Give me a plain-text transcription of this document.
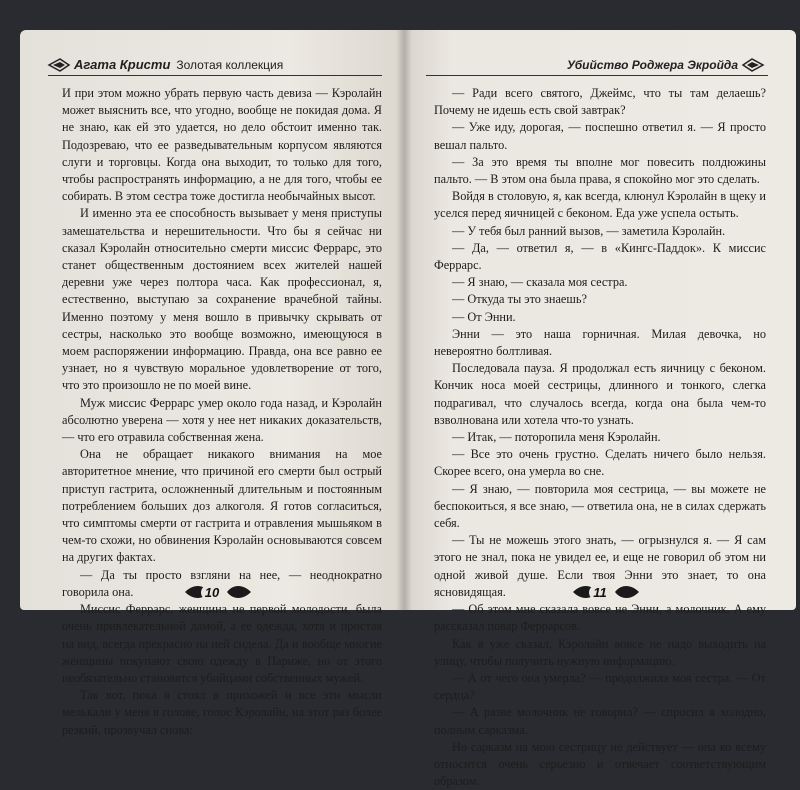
Агата Кристи Золотая коллекция

И при этом можно убрать первую часть девиза — Кэролайн может выяснить все, что угодно, вообще не покидая дома. Я не знаю, как ей это удается, но дело обстоит именно так. Подозреваю, что ее разведывательным корпусом являются слуги и торговцы. Когда она выходит, то только для того, чтобы распространять информацию, а не для того, чтобы ее собирать. В этом сестра тоже достигла необычайных высот.

И именно эта ее способность вызывает у меня приступы замешательства и нерешительности. Что бы я сейчас ни сказал Кэролайн относительно смерти миссис Феррарс, это станет общественным достоянием всех жителей нашей деревни уже через полтора часа. Как профессионал, я, естественно, выступаю за сохранение врачебной тайны. Именно поэтому у меня вошло в привычку скрывать от сестры, насколько это вообще возможно, имеющуюся в моем распоряжении информацию. Правда, она все равно ее узнает, но я чувствую моральное удовлетворение от того, что это произошло не по моей вине.

Муж миссис Феррарс умер около года назад, и Кэролайн абсолютно уверена — хотя у нее нет никаких доказательств, — что его отравила собственная жена.

Она не обращает никакого внимания на мое авторитетное мнение, что причиной его смерти был острый приступ гастрита, осложненный длительным и постоянным потреблением больших доз алкоголя. Я готов согласиться, что симптомы смерти от гастрита и отравления мышьяком в чем-то схожи, но обвинения Кэролайн основываются совсем на других фактах.

— Да ты просто взгляни на нее, — неоднократно говорила она.

Миссис Феррарс, женщина не первой молодости, была очень привлекательной дамой, а ее одежда, хотя и простая на вид, всегда прекрасно на ней сидела. Да и вообще многие женщины покупают свою одежду в Париже, но от этого необязательно становятся убийцами собственных мужей.

Так вот, пока я стоял в прихожей и все эти мысли мелькали у меня в голове, голос Кэролайн, на этот раз более резкий, прозвучал снова:

10
Убийство Роджера Экройда

— Ради всего святого, Джеймс, что ты там делаешь? Почему не идешь есть свой завтрак?

— Уже иду, дорогая, — поспешно ответил я. — Я просто вешал пальто.

— За это время ты вполне мог повесить полдюжины пальто. — В этом она была права, я спокойно мог это сделать.

Войдя в столовую, я, как всегда, клюнул Кэролайн в щеку и уселся перед яичницей с беконом. Еда уже успела остыть.

— У тебя был ранний вызов, — заметила Кэролайн.

— Да, — ответил я, — в «Кингс-Паддок». К миссис Феррарс.

— Я знаю, — сказала моя сестра.

— Откуда ты это знаешь?

— От Энни.

Энни — это наша горничная. Милая девочка, но невероятно болтливая.

Последовала пауза. Я продолжал есть яичницу с беконом. Кончик носа моей сестрицы, длинного и тонкого, слегка подрагивал, что случалось всегда, когда она была чем-то взволнована или хотела что-то узнать.

— Итак, — поторопила меня Кэролайн.

— Все это очень грустно. Сделать ничего было нельзя. Скорее всего, она умерла во сне.

— Я знаю, — повторила моя сестрица, — вы можете не беспокоиться, я все знаю, — ответила она, не в силах сдержать себя.

— Ты не можешь этого знать, — огрызнулся я. — Я сам этого не знал, пока не увидел ее, и еще не говорил об этом ни одной живой душе. Если твоя Энни это знает, то она ясновидящая.

— Об этом мне сказала вовсе не Энни, а молочник. А ему рассказал повар Феррарсов.

Как я уже сказал, Кэролайн вовсе не надо выходить на улицу, чтобы получить нужную информацию.

— А от чего она умерла? — продолжила моя сестра. — От сердца?

— А разве молочник не говорил? — спросил я холодно, полным сарказма.

Но сарказм на мою сестрицу не действует — она ко всему относится очень серьезно и отвечает соответствующим образом.

11
